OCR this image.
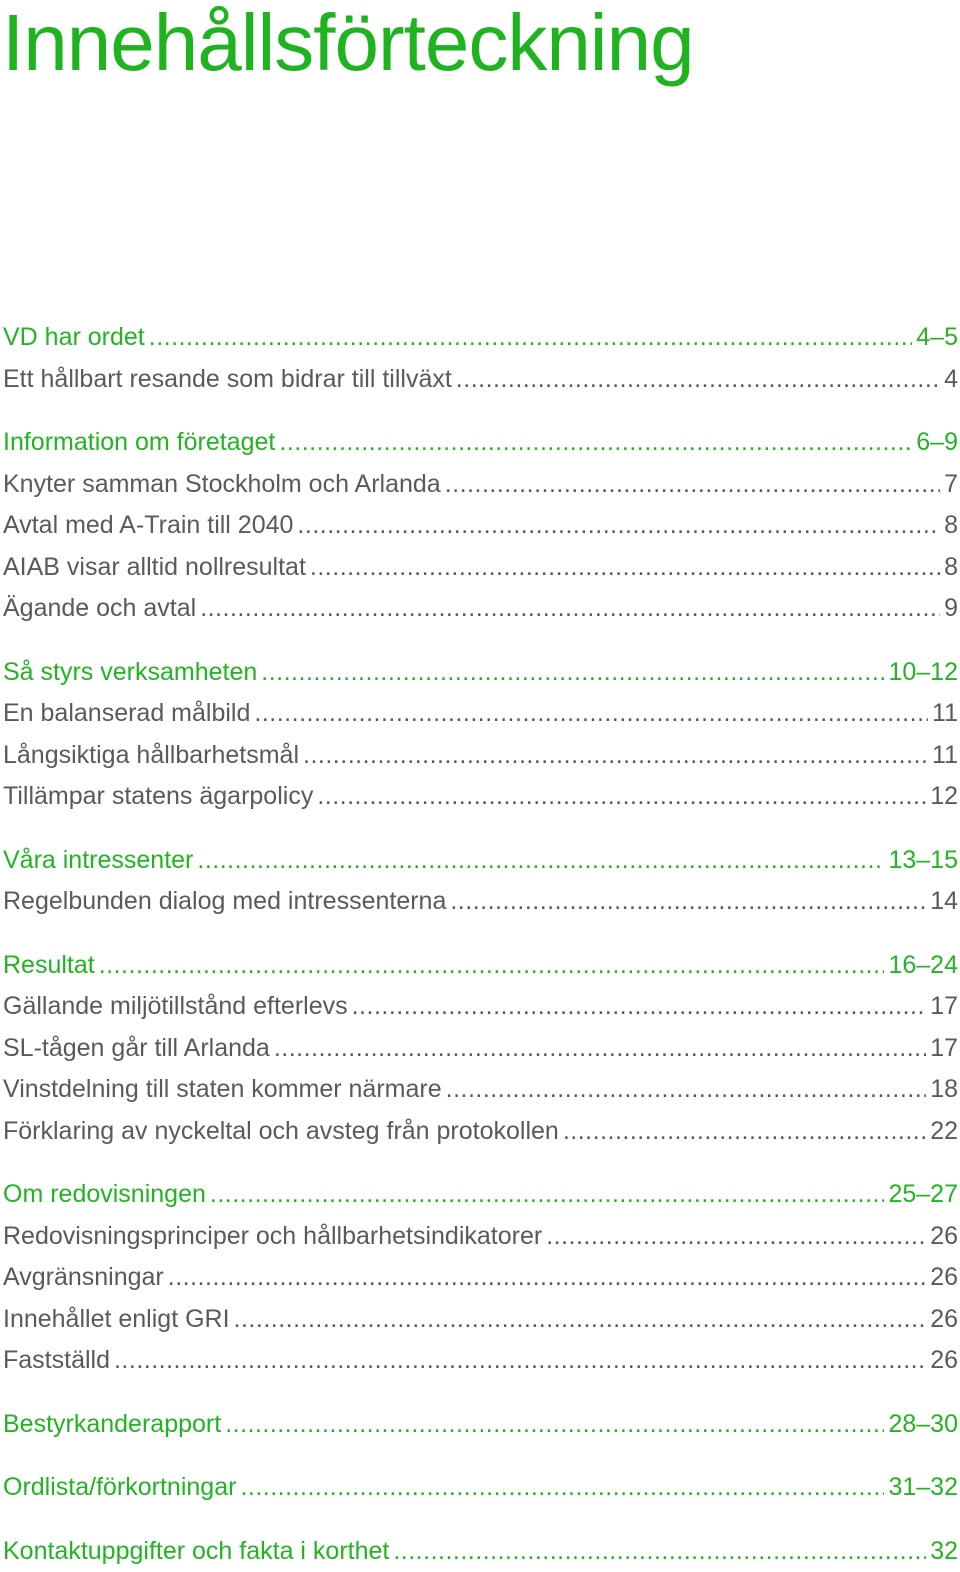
Innehållsförteckning
VD har ordet .....	4–5
Ett hållbart resande som bidrar till tillväxt .....	4
Information om företaget .....	6–9
Knyter samman Stockholm och Arlanda .....	7
Avtal med A-Train till 2040 .....	8
AIAB visar alltid nollresultat .....	8
Ägande och avtal .....	9
Så styrs verksamheten .....	10–12
En balanserad målbild .....	11
Långsiktiga hållbarhetsmål .....	11
Tillämpar statens ägarpolicy .....	12
Våra intressenter .....	13–15
Regelbunden dialog med intressenterna .....	14
Resultat .....	16–24
Gällande miljötillstånd efterlevs .....	17
SL-tågen går till Arlanda .....	17
Vinstdelning till staten kommer närmare .....	18
Förklaring av nyckeltal och avsteg från protokollen .....	22
Om redovisningen .....	25–27
Redovisningsprinciper och hållbarhetsindikatorer .....	26
Avgränsningar .....	26
Innehållet enligt GRI .....	26
Fastställd .....	26
Bestyrkanderapport .....	28–30
Ordlista/förkortningar .....	31–32
Kontaktuppgifter och fakta i korthet .....	32
